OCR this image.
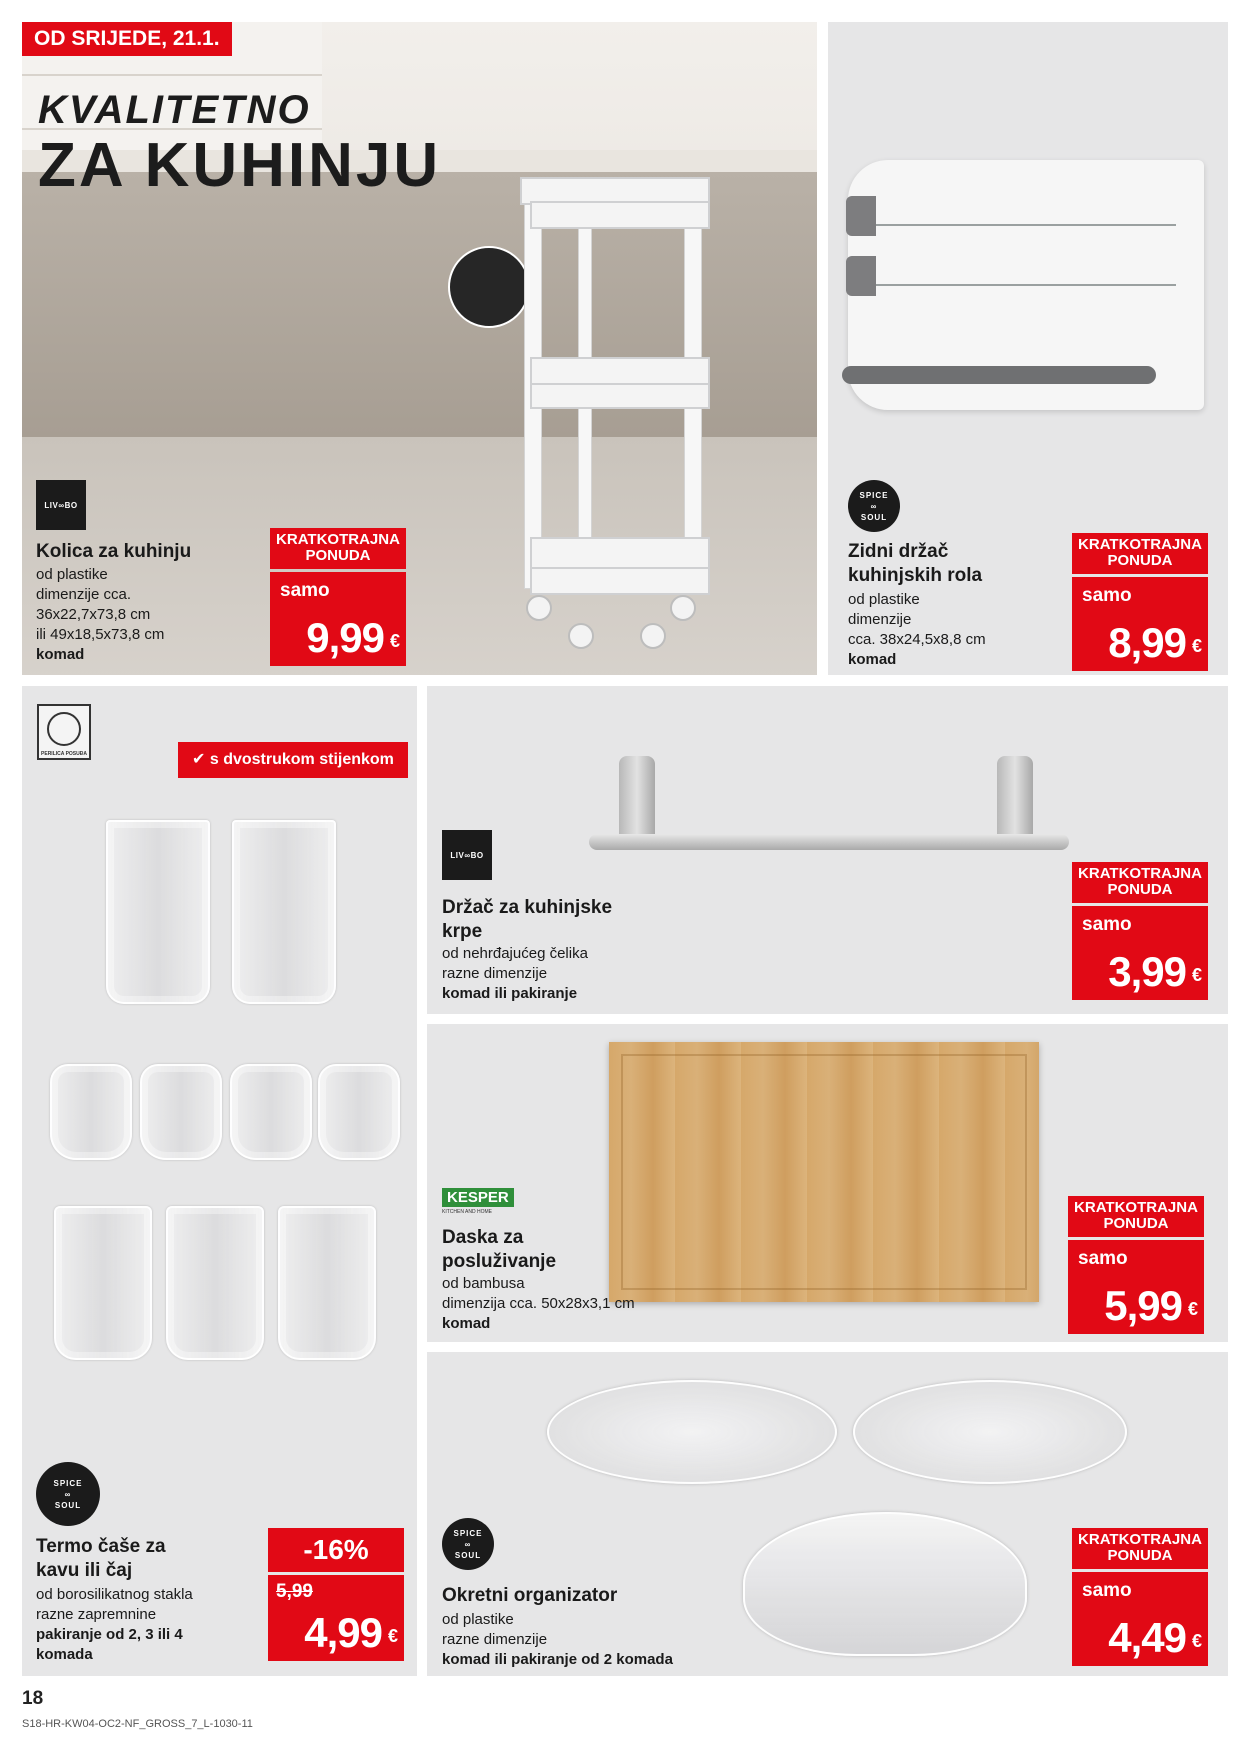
OD SRIJEDE, 21.1.
KVALITETNO
ZA KUHINJU
LIV∞BO
Kolica za kuhinju
od plastike
dimenzije cca.
36x22,7x73,8 cm
ili 49x18,5x73,8 cm
komad
KRATKOTRAJNA PONUDA
samo
9,99 €
SPICE
∞
SOUL
Zidni držač
kuhinjskih rola
od plastike
dimenzije
cca. 38x24,5x8,8 cm
komad
KRATKOTRAJNA PONUDA
samo
8,99 €
PERILICA POSUĐA	✔ s dvostrukom stijenkom
SPICE
∞
SOUL
Termo čaše za
kavu ili čaj
od borosilikatnog stakla
razne zapremnine
pakiranje od 2, 3 ili 4
komada
-16%
5,99
4,99 €
LIV∞BO
Držač za kuhinjske
krpe
od nehrđajućeg čelika
razne dimenzije
komad ili pakiranje
KRATKOTRAJNA PONUDA
samo
3,99 €
KESPER
KITCHEN AND HOME
Daska za
posluživanje
od bambusa
dimenzija cca. 50x28x3,1 cm
komad
KRATKOTRAJNA PONUDA
samo
5,99 €
SPICE
∞
SOUL
Okretni organizator
od plastike
razne dimenzije
komad ili pakiranje od 2 komada
KRATKOTRAJNA PONUDA
samo
4,49 €
18
S18-HR-KW04-OC2-NF_GROSS_7_L-1030-11
